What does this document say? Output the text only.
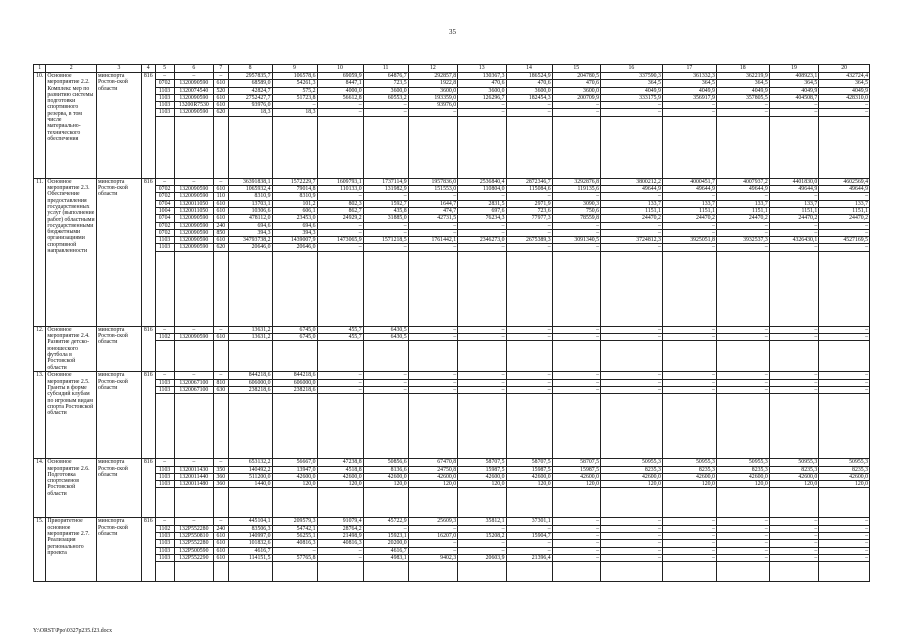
35
1	2	3	4	5	6	7	8	9	10	11	12	13	14	15	16	17	18	19	20
10.	Основное мероприятие 2.2. Комплекс мер по развитию системы подготовки спортивного резерва, в том числе материально-технического обеспечения	минспорта Ростов-ской области	816	–	–	–	2957835,7	106578,6	69059,9	64876,7	292857,8	130367,3	186524,9	204780,5	337590,3	361332,3	362219,9	408923,1	432724,4
				0702	1320090590	610	68589,0	54261,3	8447,1	723,5	1922,8	470,6	470,6	470,6	364,5	364,5	364,5	364,5	364,5
				1103	1320074540	520	42824,7	575,2	4000,0	3600,0	3600,0	3600,0	3600,0	3600,0	4049,9	4049,9	4049,9	4049,9	4049,9
				1103	1320090590	610	2752427,7	51723,8	56612,8	60553,2	193359,0	126296,7	182454,3	200709,9	333175,9	356917,9	357805,5	404508,7	428310,0
				1103	13200R7530	610	93976,0	–	–	–	93976,0	–	–	–	–	–	–	–	–
				1103	1320090590	620	18,3	18,3	–	–	–	–	–	–	–	–	–	–	–

11.	Основное мероприятие 2.3. Обеспечение предоставления государственных услуг (выполнение работ) областными государственными бюджетными организациями спортивной направленности	минспорта Ростов-ской области	816	–	–	–	36391838,1	1572229,7	1609793,1	1737114,9	1957836,0	2536840,4	2872346,7	3292876,8	3800212,2	4000451,7	4007937,2	4401830,0	4602569,4
				0702	1320090590	610	1065932,4	79014,8	110133,0	131982,9	151553,0	110804,0	115084,6	119135,6	49644,9	49644,9	49644,9	49644,9	49644,9
				0702	1320090590	110	8310,9	8310,9	–	–	–	–	–	–	–	–	–	–	–
				0704	1320011050	610	13703,1	101,2	802,3	1592,7	1644,7	2831,5	2971,9	3090,3	133,7	133,7	133,7	133,7	133,7
				1004	1320011050	610	10306,6	606,1	862,7	435,8	474,7	697,6	723,6	750,6	1151,1	1151,1	1151,1	1151,1	1151,1
				0704	1320090590	610	478112,0	23453,0	24929,2	31885,0	42731,5	76234,3	77977,3	78559,8	24470,2	24470,2	24470,2	24470,2	24470,2
				0702	1320090590	240	694,6	694,6	–	–	–	–	–	–	–	–	–	–	–
				0702	1320090590	850	394,3	394,3	–	–	–	–	–	–	–	–	–	–	–
				1103	1320090590	610	34793738,2	1439007,9	1473065,9	1571218,5	1761442,1	2346273,0	2675389,3	3091340,5	3724812,3	3925051,8	3932537,3	4326430,1	4527169,5
				1103	1320090590	620	20646,0	20646,0	–	–	–	–	–	–	–	–	–	–	–

12.	Основное мероприятие 2.4. Развитие детско-юношеского футбола в Ростовской области	минспорта Ростов-ской области	816	–	–	–	13631,2	6745,0	455,7	6430,5	–	–	–	–	–	–	–	–	–
				1102	1320090590	610	13631,2	6745,0	455,7	6430,5	–	–	–	–	–	–	–	–	–

13.	Основное мероприятие 2.5. Гранты в форме субсидий клубам по игровым видам спорта Ростовской области	минспорта Ростов-ской области	816	–	–	–	844218,6	844218,6	–	–	–	–	–	–	–	–	–	–	–
				1103	1320067100	810	606000,0	606000,0	–	–	–	–	–	–	–	–	–	–	–
				1103	1320067100	630	238218,6	238218,6	–	–	–	–	–	–	–	–	–	–	–

14.	Основное мероприятие 2.6. Подготовка спортсменов Ростовской области	минспорта Ростов-ской области	816	–	–	–	653132,2	56667,0	47238,8	50856,6	67470,8	58707,5	58707,5	58707,5	50955,3	50955,3	50955,3	50955,3	50955,3
				1103	1320011430	350	140492,2	13947,0	4518,8	8136,6	24750,8	15987,5	15987,5	15987,5	8235,3	8235,3	8235,3	8235,3	8235,3
				1103	1320011440	360	511200,0	42600,0	42600,0	42600,0	42600,0	42600,0	42600,0	42600,0	42600,0	42600,0	42600,0	42600,0	42600,0
				1103	1320011480	360	1440,0	120,0	120,0	120,0	120,0	120,0	120,0	120,0	120,0	120,0	120,0	120,0	120,0

15.	Приоритетное основное мероприятие 2.7. Реализация регионального проекта	минспорта Ростов-ской области	816	–	–	–	445104,1	209579,3	91079,4	45722,9	25609,3	35812,1	37301,1	–	–	–	–	–	–
				1102	132P552280	240	83506,3	54742,1	28764,2	–	–	–	–	–	–	–	–	–	–
				1103	132P550810	610	140997,0	56255,1	21498,9	15923,1	16207,0	15208,2	15904,7	–	–	–	–	–	–
				1103	132P552280	610	101832,6	40816,3	40816,3	20200,0	–	–	–	–	–	–	–	–	–
				1103	132P500590	610	4616,7	–	–	4616,7	–	–	–	–	–	–	–	–	–
				1103	132P552290	610	114151,5	57765,8	–	4983,1	9402,3	20603,9	21396,4	–	–	–	–	–	–

Y:\ORST\Ppo\0327p235.f23.docx
